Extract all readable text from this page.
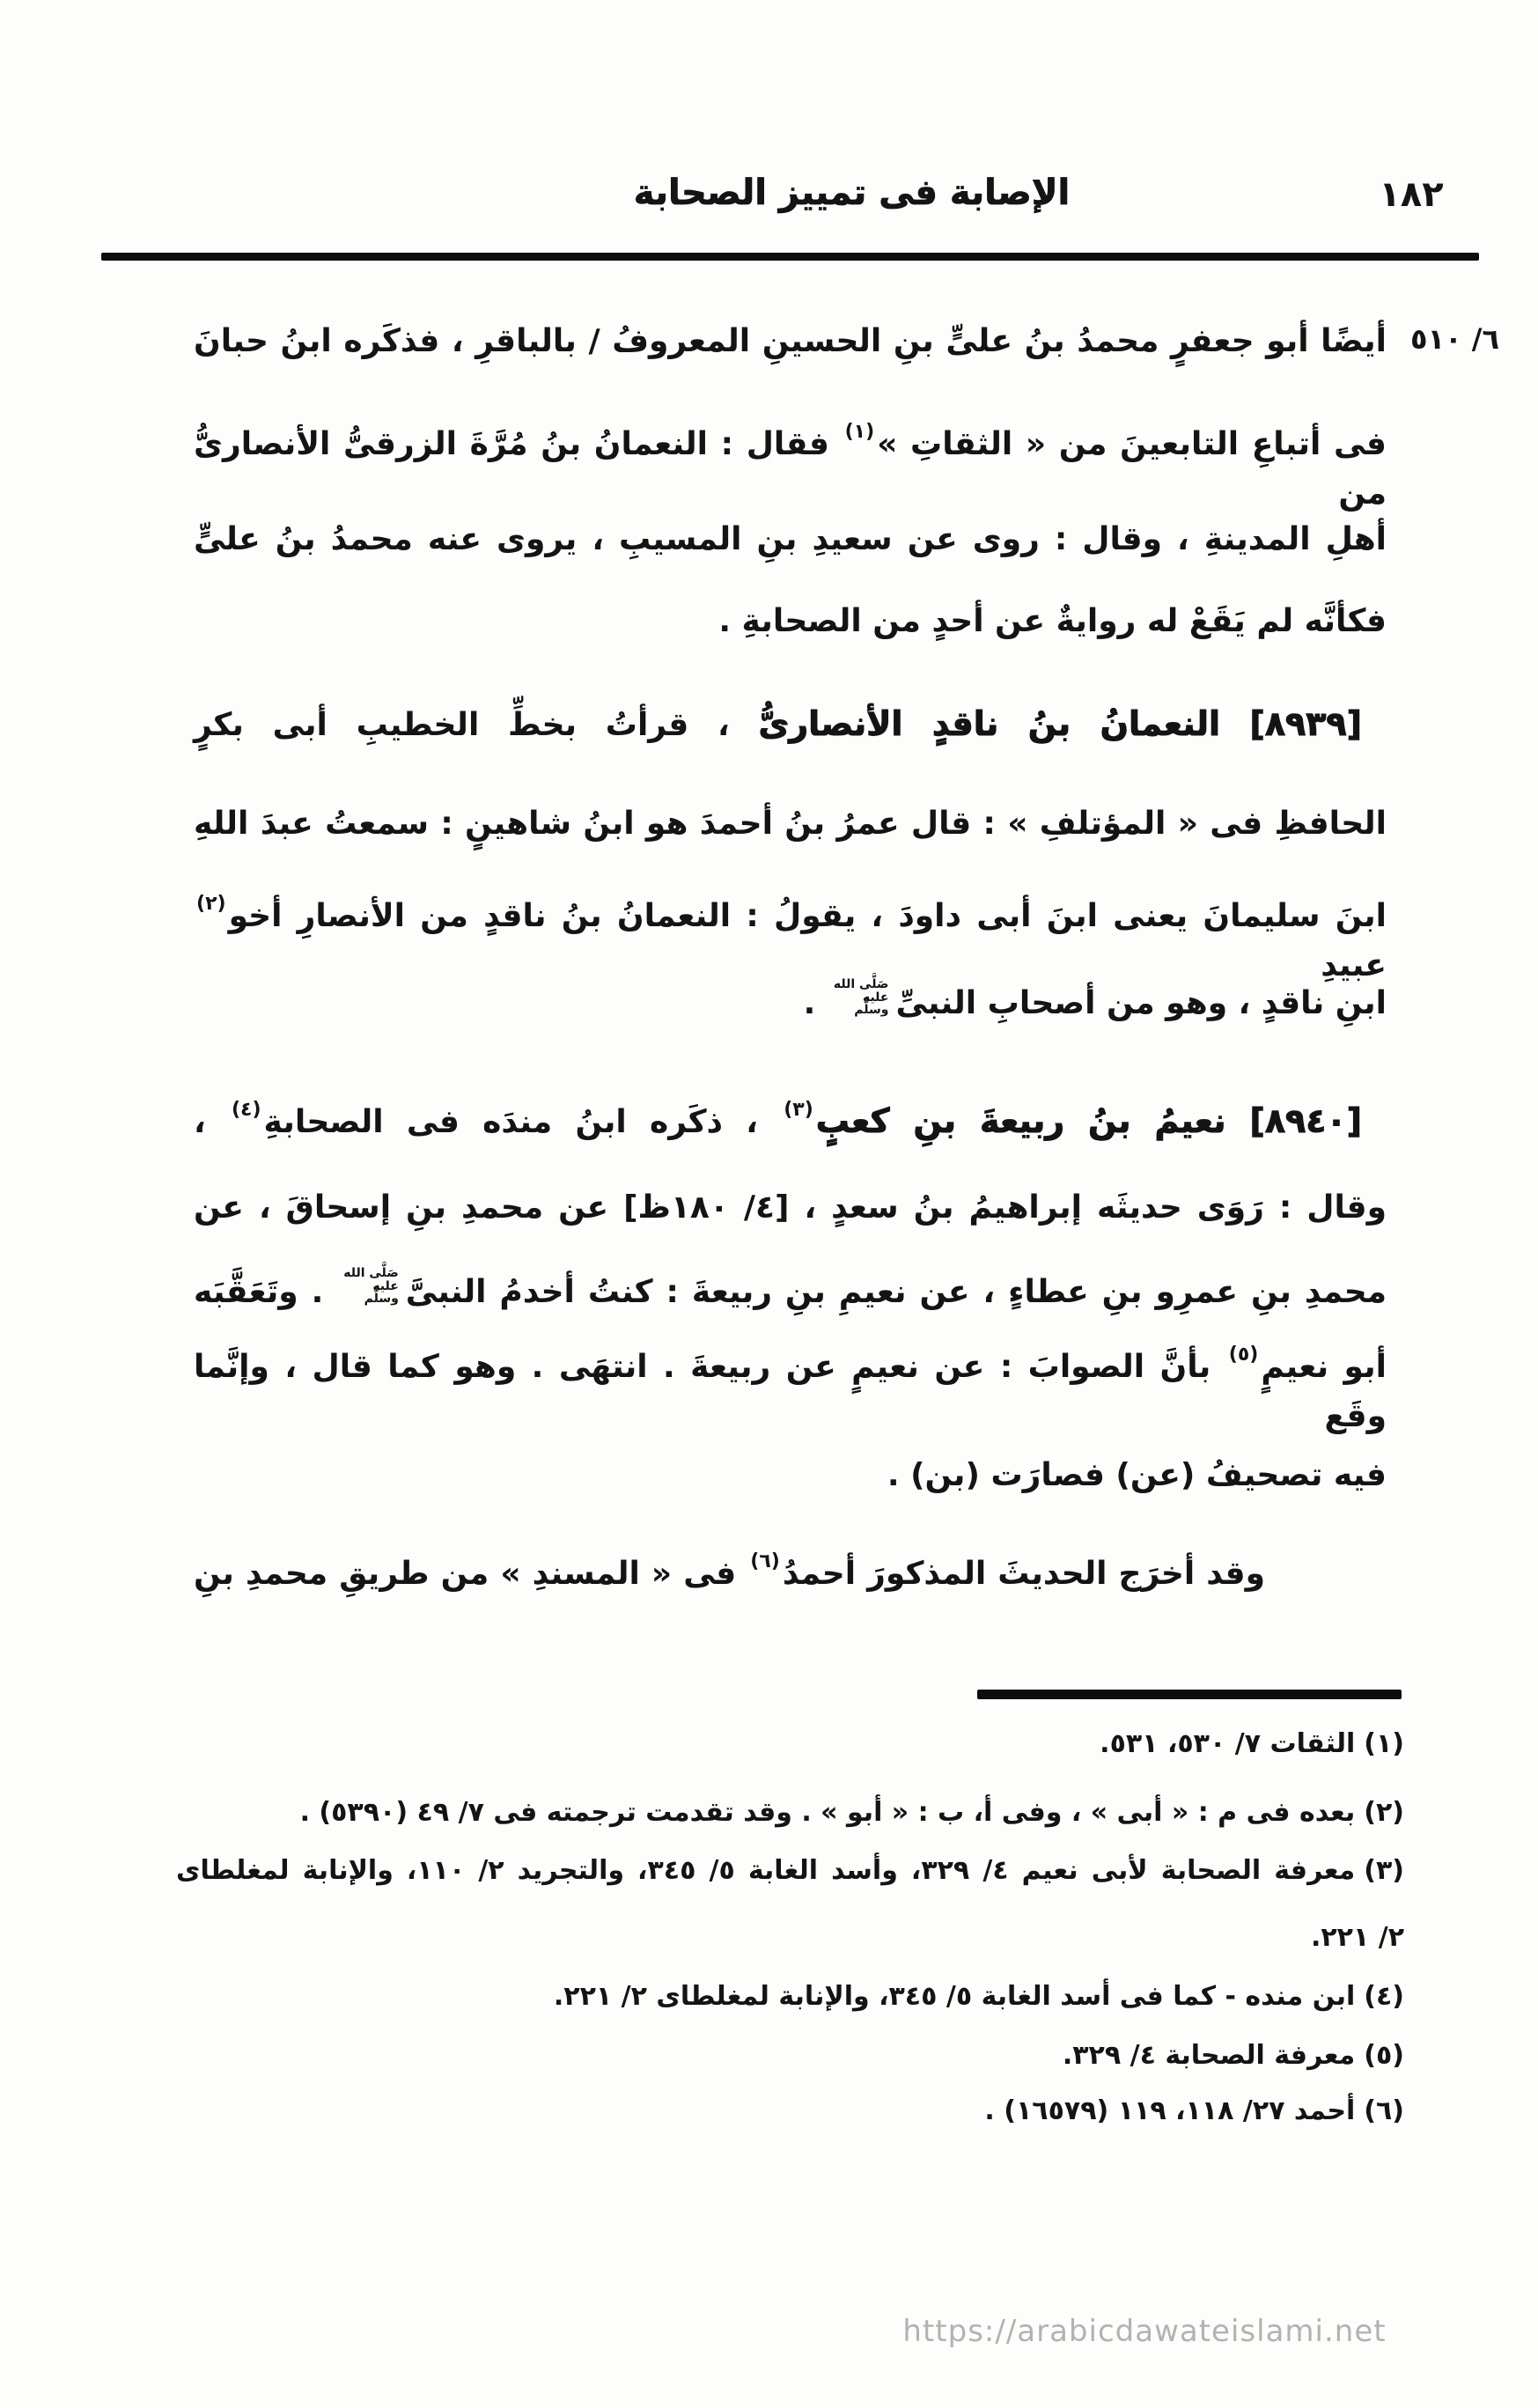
الإصابة فى تمييز الصحابة	١٨٢
٦/ ٥١٠
أيضًا أبو جعفرٍ محمدُ بنُ علىٍّ بنِ الحسينِ المعروفُ / بالباقرِ ، فذكَره ابنُ حبانَ
فى أتباعِ التابعينَ من « الثقاتِ »$^{(١)}$ فقال : النعمانُ بنُ مُرَّةَ الزرقىُّ الأنصارىُّ من
أهلِ المدينةِ ، وقال : روى عن سعيدِ بنِ المسيبِ ، يروى عنه محمدُ بنُ علىٍّ
فكأنَّه لم يَقَعْ له روايةٌ عن أحدٍ من الصحابةِ .
[٨٩٣٩] النعمانُ بنُ ناقدٍ الأنصارىُّ ، قرأتُ بخطِّ الخطيبِ أبى بكرٍ
الحافظِ فى « المؤتلفِ » : قال عمرُ بنُ أحمدَ هو ابنُ شاهينٍ : سمعتُ عبدَ اللهِ
ابنَ سليمانَ يعنى ابنَ أبى داودَ ، يقولُ : النعمانُ بنُ ناقدٍ من الأنصارِ أخو$^{(٢)}$ عبيدِ
ابنِ ناقدٍ ، وهو من أصحابِ النبىِّ
صَلَّى الله
عليه
وسلَّم
.
[٨٩٤٠] نعيمُ بنُ ربيعةَ بنِ كعبٍ$^{(٣)}$ ، ذكَره ابنُ مندَه فى الصحابةِ$^{(٤)}$ ،
وقال : رَوَى حديثَه إبراهيمُ بنُ سعدٍ ، [٤/ ١٨٠ظ] عن محمدِ بنِ إسحاقَ ، عن
محمدِ بنِ عمرِو بنِ عطاءٍ ، عن نعيمِ بنِ ربيعةَ : كنتُ أخدمُ النبىَّ
صَلَّى الله
عليه
وسلَّم
. وتَعَقَّبَه
أبو نعيمٍ$^{(٥)}$ بأنَّ الصوابَ : عن نعيمٍ عن ربيعةَ . انتهَى . وهو كما قال ، وإنَّما وقَع
فيه تصحيفُ (عن) فصارَت (بن) .
وقد أخرَج الحديثَ المذكورَ أحمدُ$^{(٦)}$ فى « المسندِ » من طريقِ محمدِ بنِ
(١)الثقات ٧/ ٥٣٠، ٥٣١.
(٢)بعده فى م : « أبى » ، وفى أ، ب : « أبو » . وقد تقدمت ترجمته فى ٧/ ٤٩ (٥٣٩٠) .
(٣)معرفة الصحابة لأبى نعيم ٤/ ٣٢٩، وأسد الغابة ٥/ ٣٤٥، والتجريد ٢/ ١١٠، والإنابة لمغلطاى
٢/ ٢٢١.
(٤)ابن منده - كما فى أسد الغابة ٥/ ٣٤٥، والإنابة لمغلطاى ٢/ ٢٢١.
(٥)معرفة الصحابة ٤/ ٣٢٩.
(٦)أحمد ٢٧/ ١١٨، ١١٩ (١٦٥٧٩) .
https://arabicdawateislami.net
